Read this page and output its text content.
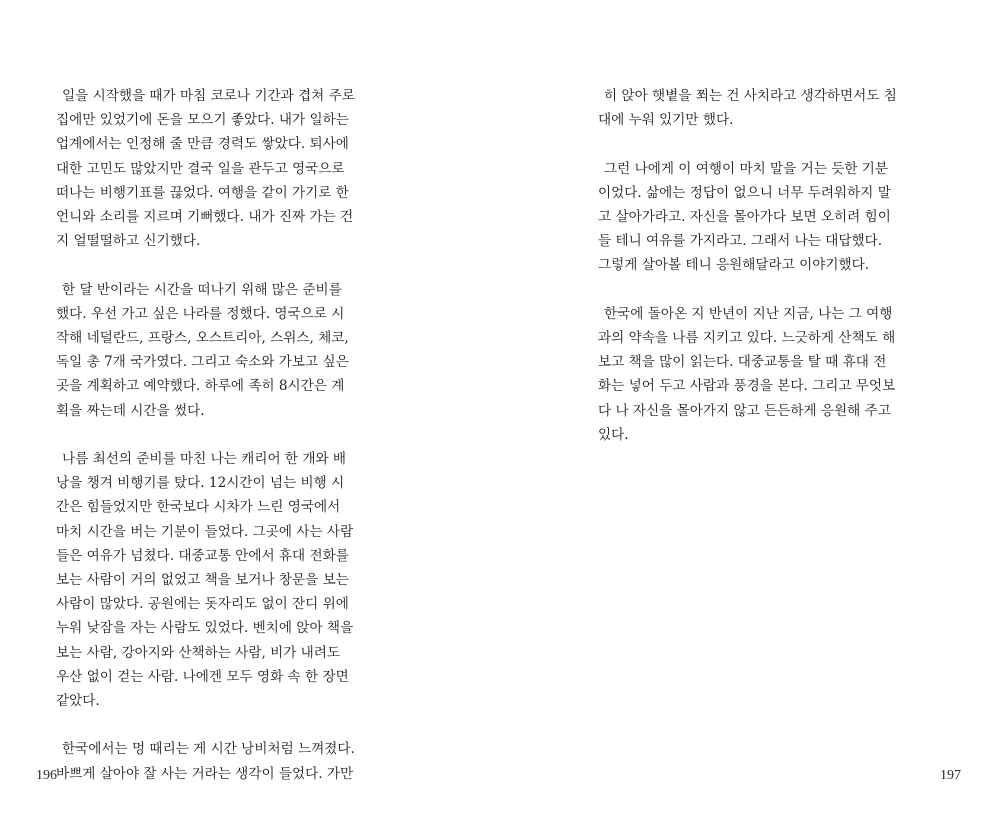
일을 시작했을 때가 마침 코로나 기간과 겹쳐 주로
집에만 있었기에 돈을 모으기 좋았다. 내가 일하는
업계에서는 인정해 줄 만큼 경력도 쌓았다. 퇴사에
대한 고민도 많았지만 결국 일을 관두고 영국으로
떠나는 비행기표를 끊었다. 여행을 같이 가기로 한
언니와 소리를 지르며 기뻐했다. 내가 진짜 가는 건
지 얼떨떨하고 신기했다.

한 달 반이라는 시간을 떠나기 위해 많은 준비를
했다. 우선 가고 싶은 나라를 정했다. 영국으로 시
작해 네덜란드, 프랑스, 오스트리아, 스위스, 체코,
독일 총 7개 국가였다. 그리고 숙소와 가보고 싶은
곳을 계획하고 예약했다. 하루에 족히 8시간은 계
획을 짜는데 시간을 썼다.

나름 최선의 준비를 마친 나는 캐리어 한 개와 배
낭을 챙겨 비행기를 탔다. 12시간이 넘는 비행 시
간은 힘들었지만 한국보다 시차가 느린 영국에서
마치 시간을 버는 기분이 들었다. 그곳에 사는 사람
들은 여유가 넘쳤다. 대중교통 안에서 휴대 전화를
보는 사람이 거의 없었고 책을 보거나 창문을 보는
사람이 많았다. 공원에는 돗자리도 없이 잔디 위에
누워 낮잠을 자는 사람도 있었다. 벤치에 앉아 책을
보는 사람, 강아지와 산책하는 사람, 비가 내려도
우산 없이 걷는 사람. 나에겐 모두 영화 속 한 장면
같았다.

한국에서는 멍 때리는 게 시간 낭비처럼 느껴졌다.
바쁘게 살아야 잘 사는 거라는 생각이 들었다. 가만

196

히 앉아 햇볕을 쬐는 건 사치라고 생각하면서도 침
대에 누워 있기만 했다.

그런 나에게 이 여행이 마치 말을 거는 듯한 기분
이었다. 삶에는 정답이 없으니 너무 두려워하지 말
고 살아가라고. 자신을 몰아가다 보면 오히려 힘이
들 테니 여유를 가지라고. 그래서 나는 대답했다.
그렇게 살아볼 테니 응원해달라고 이야기했다.

한국에 돌아온 지 반년이 지난 지금, 나는 그 여행
과의 약속을 나름 지키고 있다. 느긋하게 산책도 해
보고 책을 많이 읽는다. 대중교통을 탈 때 휴대 전
화는 넣어 두고 사람과 풍경을 본다. 그리고 무엇보
다 나 자신을 몰아가지 않고 든든하게 응원해 주고
있다.

197
